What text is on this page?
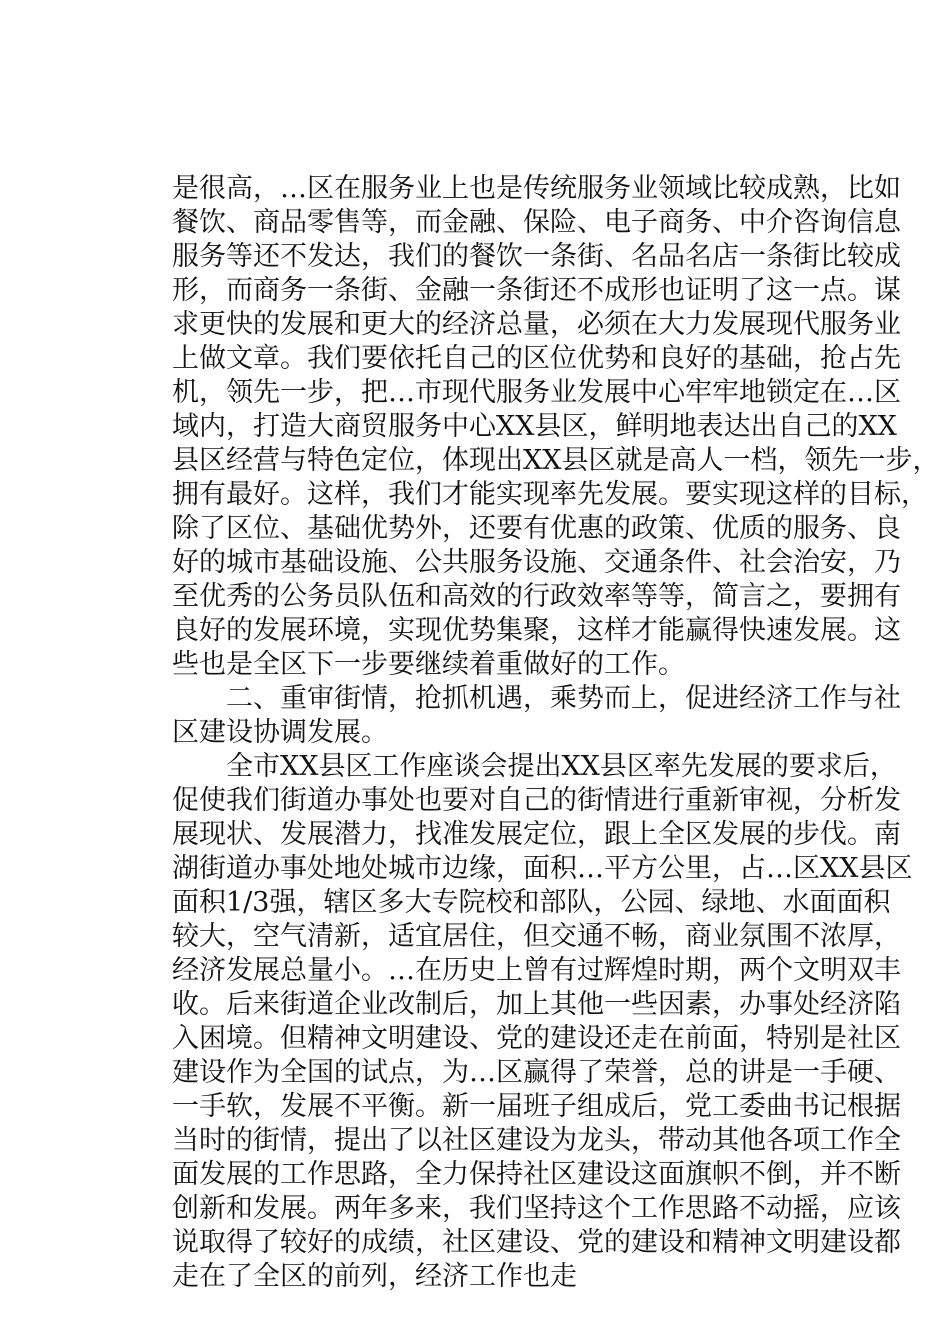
是很高，…区在服务业上也是传统服务业领域比较成熟，比如
餐饮、商品零售等，而金融、保险、电子商务、中介咨询信息
服务等还不发达，我们的餐饮一条街、名品名店一条街比较成
形，而商务一条街、金融一条街还不成形也证明了这一点。谋
求更快的发展和更大的经济总量，必须在大力发展现代服务业
上做文章。我们要依托自己的区位优势和良好的基础，抢占先
机，领先一步，把…市现代服务业发展中心牢牢地锁定在…区
域内，打造大商贸服务中心XX县区，鲜明地表达出自己的XX
县区经营与特色定位，体现出XX县区就是高人一档，领先一步，
拥有最好。这样，我们才能实现率先发展。要实现这样的目标，
除了区位、基础优势外，还要有优惠的政策、优质的服务、良
好的城市基础设施、公共服务设施、交通条件、社会治安，乃
至优秀的公务员队伍和高效的行政效率等等，简言之，要拥有
良好的发展环境，实现优势集聚，这样才能赢得快速发展。这
些也是全区下一步要继续着重做好的工作。
　　二、重审街情，抢抓机遇，乘势而上，促进经济工作与社
区建设协调发展。
　　全市XX县区工作座谈会提出XX县区率先发展的要求后，
促使我们街道办事处也要对自己的街情进行重新审视，分析发
展现状、发展潜力，找准发展定位，跟上全区发展的步伐。南
湖街道办事处地处城市边缘，面积…平方公里，占…区XX县区
面积1/3强，辖区多大专院校和部队，公园、绿地、水面面积
较大，空气清新，适宜居住，但交通不畅，商业氛围不浓厚，
经济发展总量小。…在历史上曾有过辉煌时期，两个文明双丰
收。后来街道企业改制后，加上其他一些因素，办事处经济陷
入困境。但精神文明建设、党的建设还走在前面，特别是社区
建设作为全国的试点，为…区赢得了荣誉，总的讲是一手硬、
一手软，发展不平衡。新一届班子组成后，党工委曲书记根据
当时的街情，提出了以社区建设为龙头，带动其他各项工作全
面发展的工作思路，全力保持社区建设这面旗帜不倒，并不断
创新和发展。两年多来，我们坚持这个工作思路不动摇，应该
说取得了较好的成绩，社区建设、党的建设和精神文明建设都
走在了全区的前列，经济工作也走
